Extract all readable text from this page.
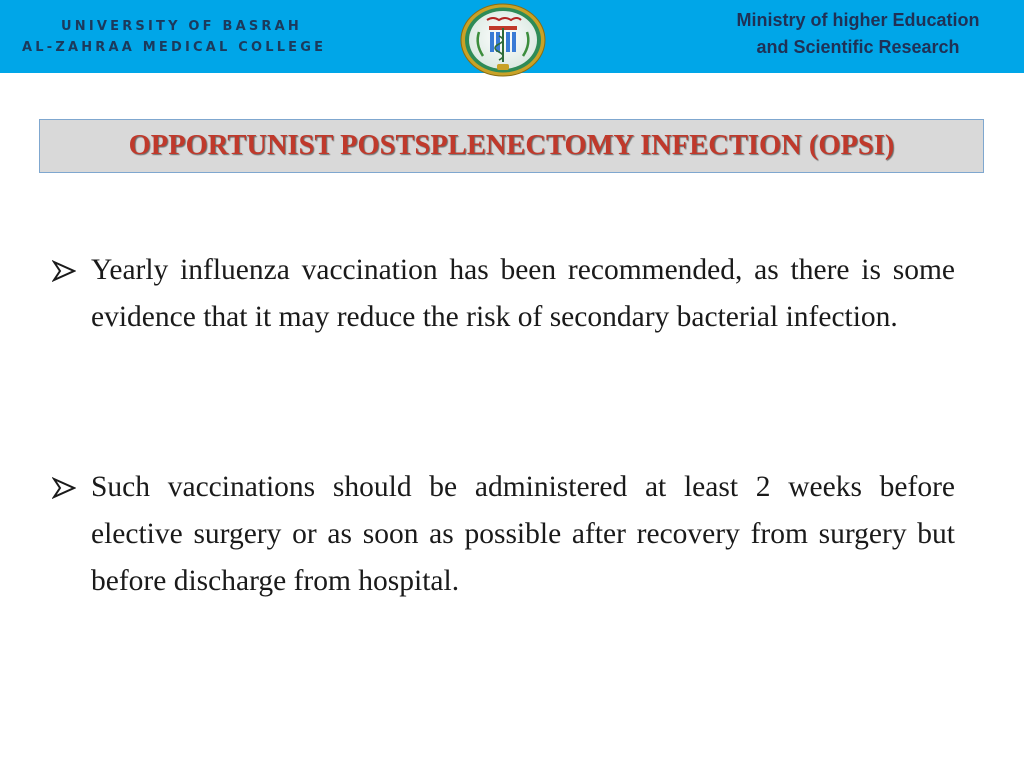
UNIVERSITY OF BASRAH
AL-ZAHRAA MEDICAL COLLEGE
Ministry of higher Education
and Scientific Research
OPPORTUNIST POSTSPLENECTOMY INFECTION (OPSI)
Yearly influenza vaccination has been recommended, as there is some evidence that it may reduce the risk of secondary bacterial infection.
Such vaccinations should be administered at least 2 weeks before elective surgery or as soon as possible after recovery from surgery but before discharge from hospital.
